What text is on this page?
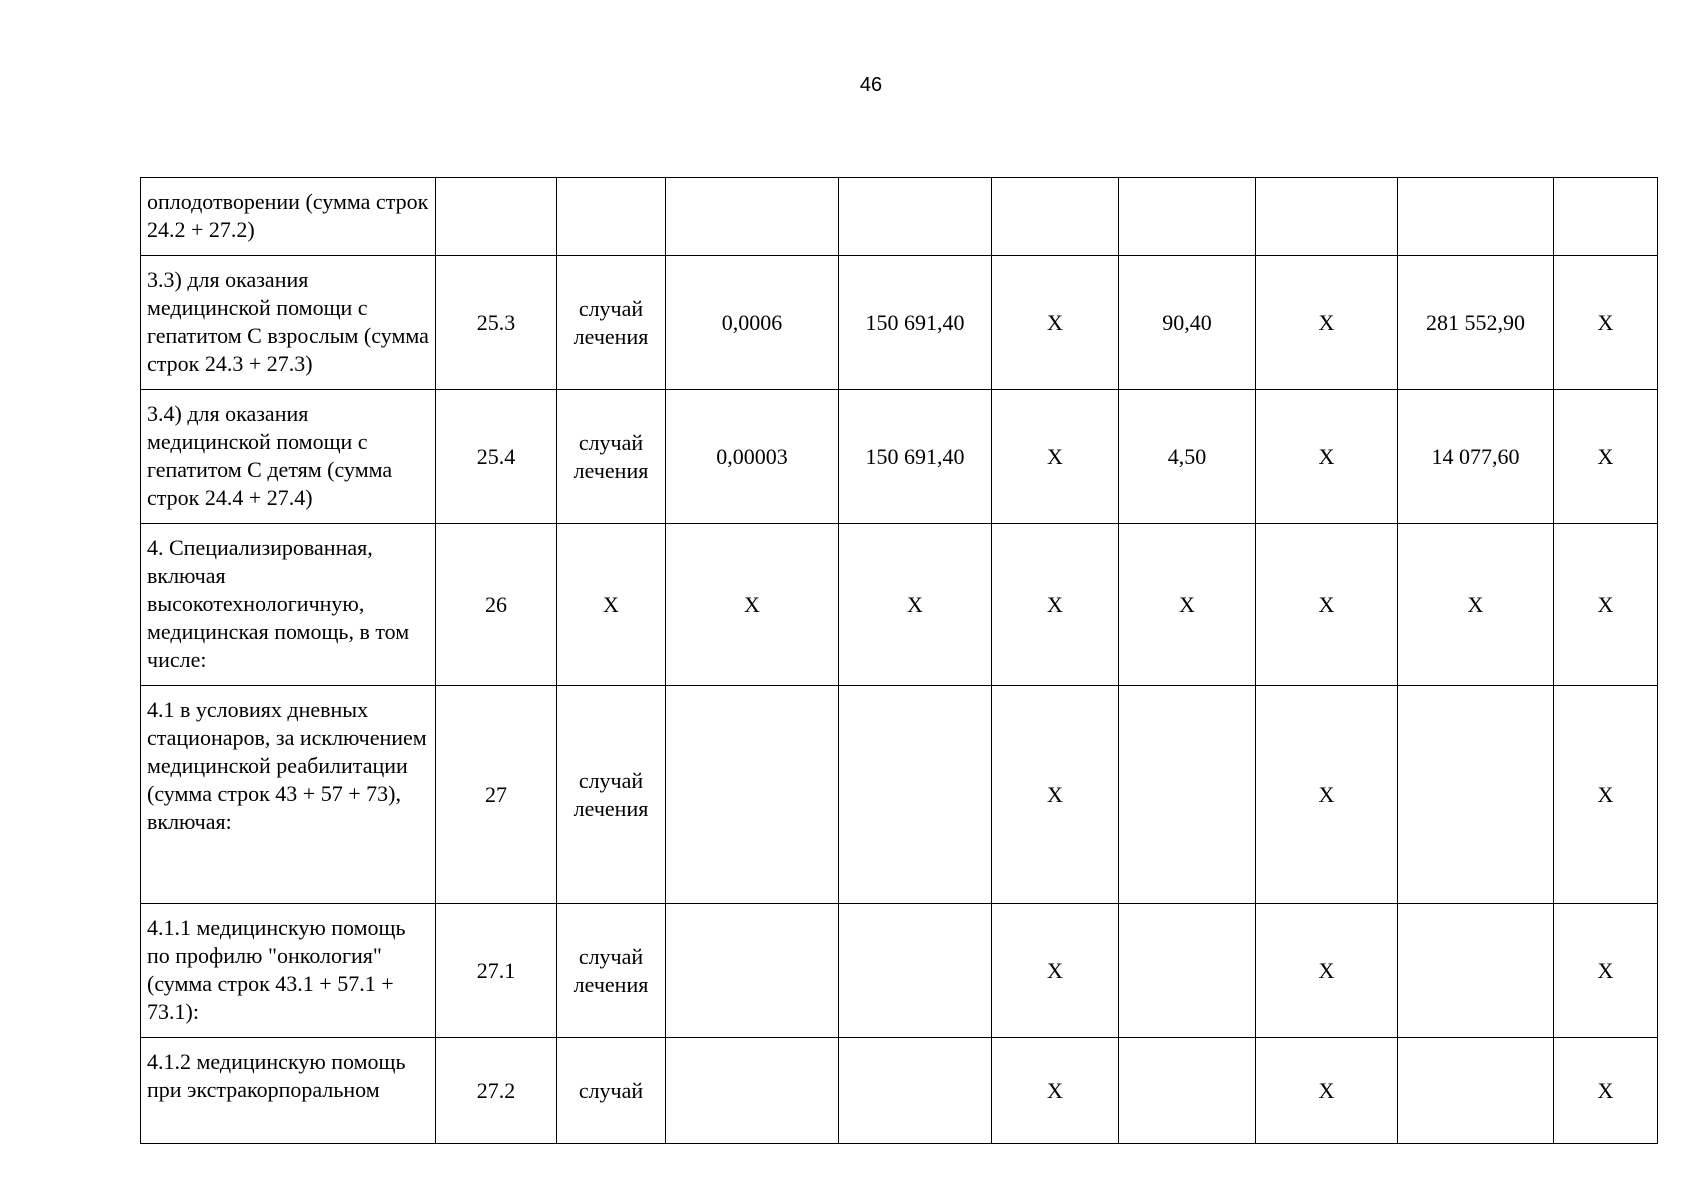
46
оплодотворении (сумма строк 24.2 + 27.2)									
3.3) для оказания медицинской помощи с гепатитом С взрослым (сумма строк 24.3 + 27.3)	25.3	случай лечения	0,0006	150 691,40	X	90,40	X	281 552,90	X
3.4) для оказания медицинской помощи с гепатитом С детям (сумма строк 24.4 + 27.4)	25.4	случай лечения	0,00003	150 691,40	X	4,50	X	14 077,60	X
4. Специализированная, включая высокотехнологичную, медицинская помощь, в том числе:	26	X	X	X	X	X	X	X	X
4.1 в условиях дневных стационаров, за исключением медицинской реабилитации (сумма строк 43 + 57 + 73), включая:	27	случай лечения			X		X		X
4.1.1 медицинскую помощь по профилю "онкология" (сумма строк 43.1 + 57.1 + 73.1):	27.1	случай лечения			X		X		X
4.1.2 медицинскую помощь при экстракорпоральном	27.2	случай			X		X		X
